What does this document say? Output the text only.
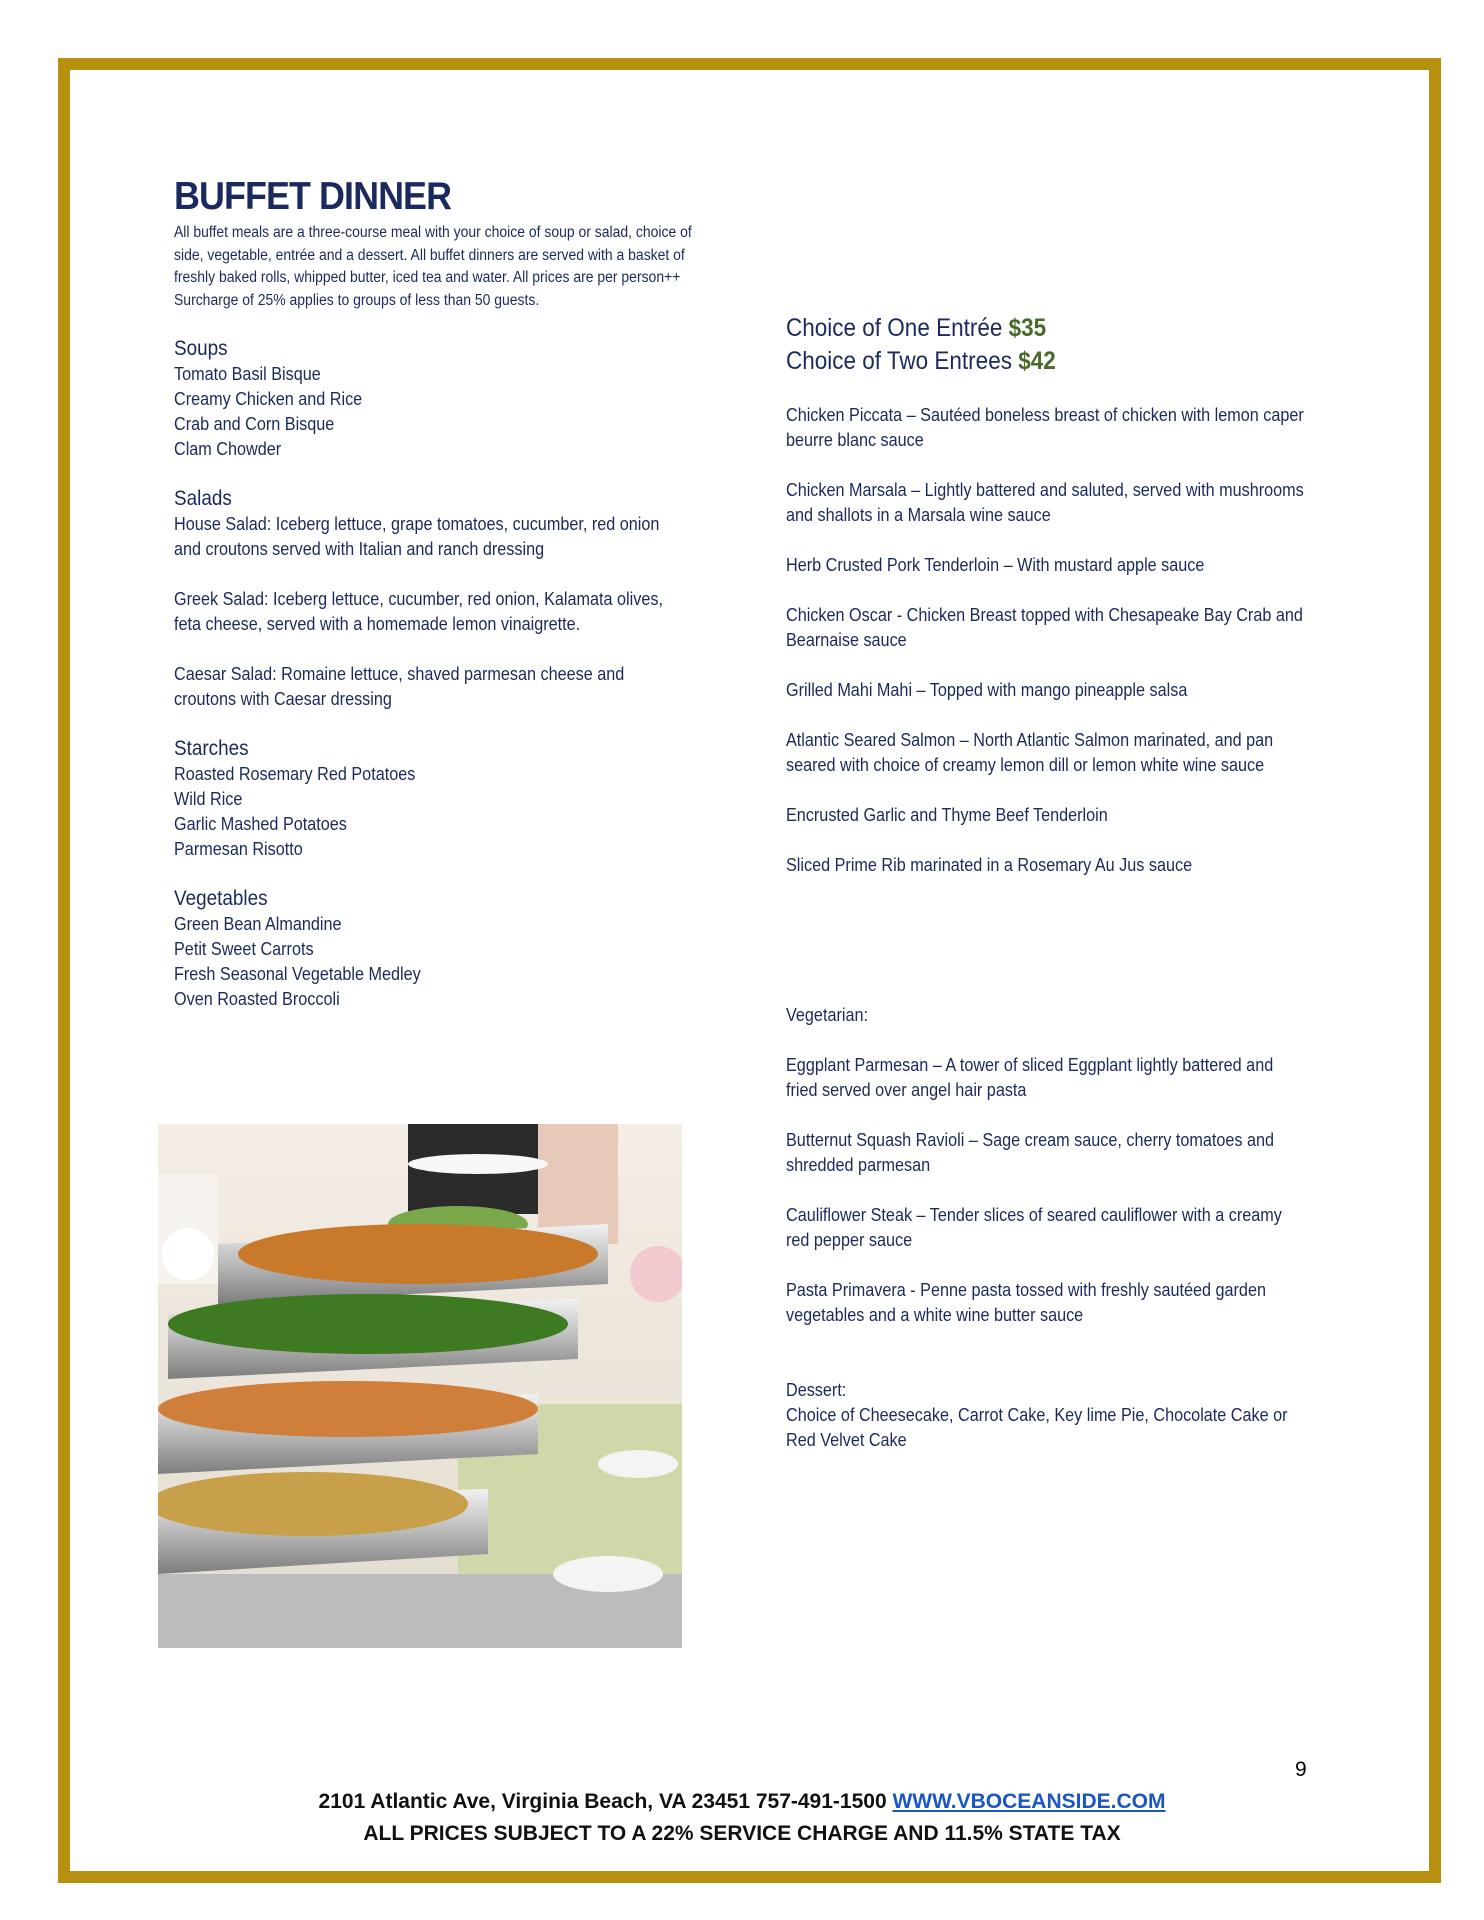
BUFFET DINNER
All buffet meals are a three-course meal with your choice of soup or salad, choice of side, vegetable, entrée and a dessert. All buffet dinners are served with a basket of freshly baked rolls, whipped butter, iced tea and water. All prices are per person++ Surcharge of 25% applies to groups of less than 50 guests.
Soups
Tomato Basil Bisque
Creamy Chicken and Rice
Crab and Corn Bisque
Clam Chowder
Salads
House Salad: Iceberg lettuce, grape tomatoes, cucumber, red onion and croutons served with Italian and ranch dressing
Greek Salad: Iceberg lettuce, cucumber, red onion, Kalamata olives, feta cheese, served with a homemade lemon vinaigrette.
Caesar Salad: Romaine lettuce, shaved parmesan cheese and croutons with Caesar dressing
Starches
Roasted Rosemary Red Potatoes
Wild Rice
Garlic Mashed Potatoes
Parmesan Risotto
Vegetables
Green Bean Almandine
Petit Sweet Carrots
Fresh Seasonal Vegetable Medley
Oven Roasted Broccoli
Choice of One Entrée $35
Choice of Two Entrees $42
Chicken Piccata – Sautéed boneless breast of chicken with lemon caper beurre blanc sauce
Chicken Marsala – Lightly battered and saluted, served with mushrooms and shallots in a Marsala wine sauce
Herb Crusted Pork Tenderloin – With mustard apple sauce
Chicken Oscar - Chicken Breast topped with Chesapeake Bay Crab and Bearnaise sauce
Grilled Mahi Mahi – Topped with mango pineapple salsa
Atlantic Seared Salmon – North Atlantic Salmon marinated, and pan seared with choice of creamy lemon dill or lemon white wine sauce
Encrusted Garlic and Thyme Beef Tenderloin
Sliced Prime Rib marinated in a Rosemary Au Jus sauce
Vegetarian:
Eggplant Parmesan – A tower of sliced Eggplant lightly battered and fried served over angel hair pasta
Butternut Squash Ravioli – Sage cream sauce, cherry tomatoes and shredded parmesan
Cauliflower Steak – Tender slices of seared cauliflower with a creamy red pepper sauce
Pasta Primavera - Penne pasta tossed with freshly sautéed garden vegetables and a white wine butter sauce
Dessert:
Choice of Cheesecake, Carrot Cake, Key lime Pie, Chocolate Cake or Red Velvet Cake
9
2101 Atlantic Ave, Virginia Beach, VA 23451 757-491-1500 WWW.VBOCEANSIDE.COM
ALL PRICES SUBJECT TO A 22% SERVICE CHARGE AND 11.5% STATE TAX
